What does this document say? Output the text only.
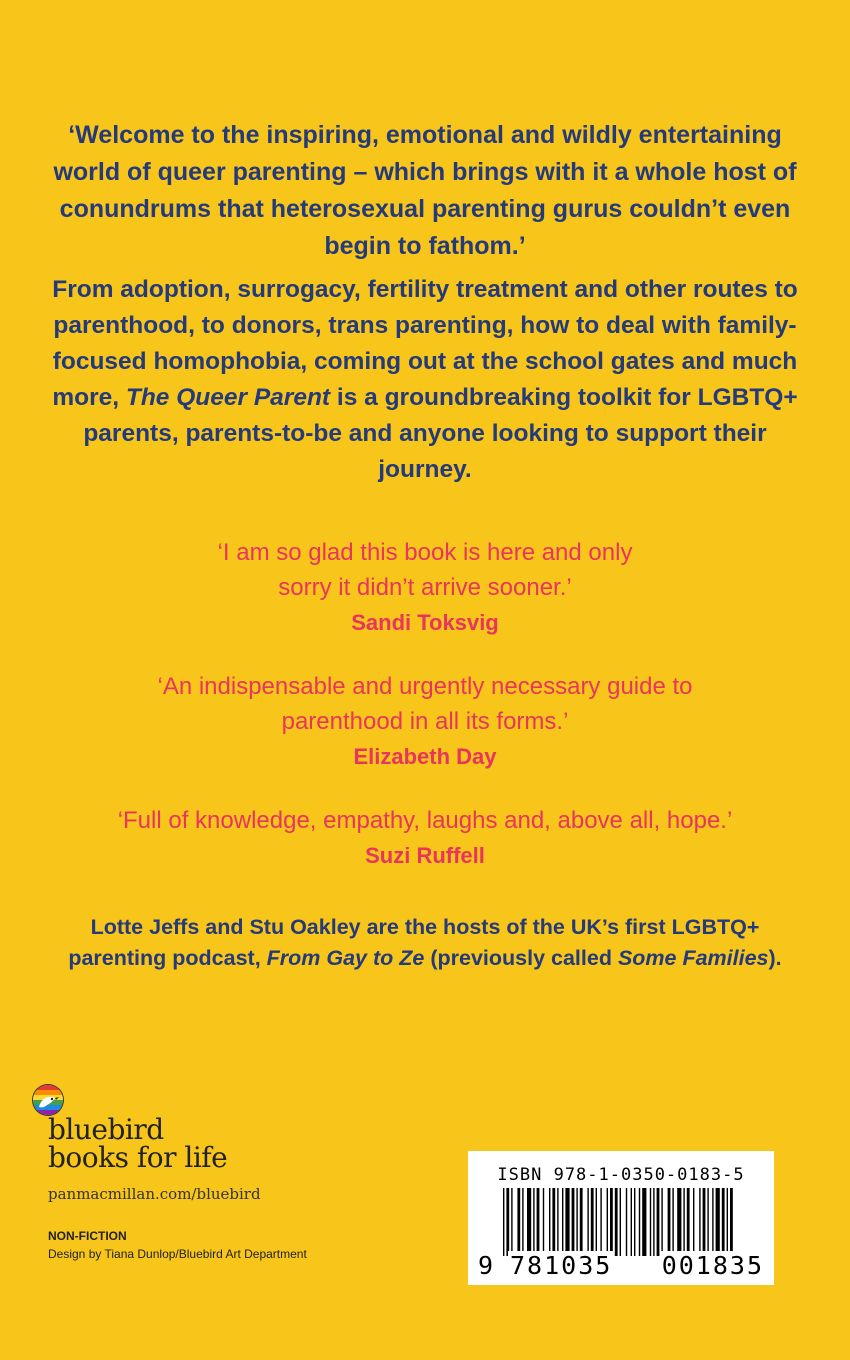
‘Welcome to the inspiring, emotional and wildly entertaining world of queer parenting – which brings with it a whole host of conundrums that heterosexual parenting gurus couldn’t even begin to fathom.’

From adoption, surrogacy, fertility treatment and other routes to parenthood, to donors, trans parenting, how to deal with family-focused homophobia, coming out at the school gates and much more, The Queer Parent is a groundbreaking toolkit for LGBTQ+ parents, parents-to-be and anyone looking to support their journey.

‘I am so glad this book is here and only sorry it didn’t arrive sooner.’

Sandi Toksvig

‘An indispensable and urgently necessary guide to parenthood in all its forms.’

Elizabeth Day

‘Full of knowledge, empathy, laughs and, above all, hope.’

Suzi Ruffell

Lotte Jeffs and Stu Oakley are the hosts of the UK’s first LGBTQ+ parenting podcast, From Gay to Ze (previously called Some Families).

bluebird
books for life
panmacmillan.com/bluebird
NON-FICTION
Design by Tiana Dunlop/Bluebird Art Department
ISBN 978-1-0350-0183-5
9 781035 001835
